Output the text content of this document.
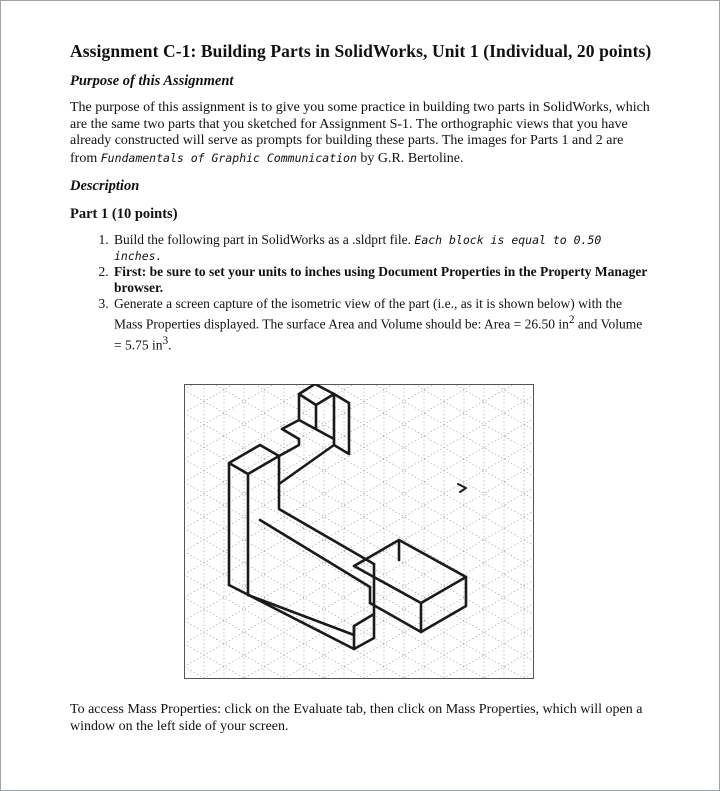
Assignment C-1: Building Parts in SolidWorks, Unit 1 (Individual, 20 points)
Purpose of this Assignment

The purpose of this assignment is to give you some practice in building two parts in SolidWorks, which are the same two parts that you sketched for Assignment S-1. The orthographic views that you have already constructed will serve as prompts for building these parts. The images for Parts 1 and 2 are from Fundamentals of Graphic Communication by G.R. Bertoline.

Description
Part 1 (10 points)
1. Build the following part in SolidWorks as a .sldprt file. Each block is equal to 0.50 inches.
2. First: be sure to set your units to inches using Document Properties in the Property Manager browser.
3. Generate a screen capture of the isometric view of the part (i.e., as it is shown below) with the Mass Properties displayed. The surface Area and Volume should be: Area = 26.50 $in^2$ and Volume = 5.75 $in^3$.
To access Mass Properties: click on the Evaluate tab, then click on Mass Properties, which will open a window on the left side of your screen.
